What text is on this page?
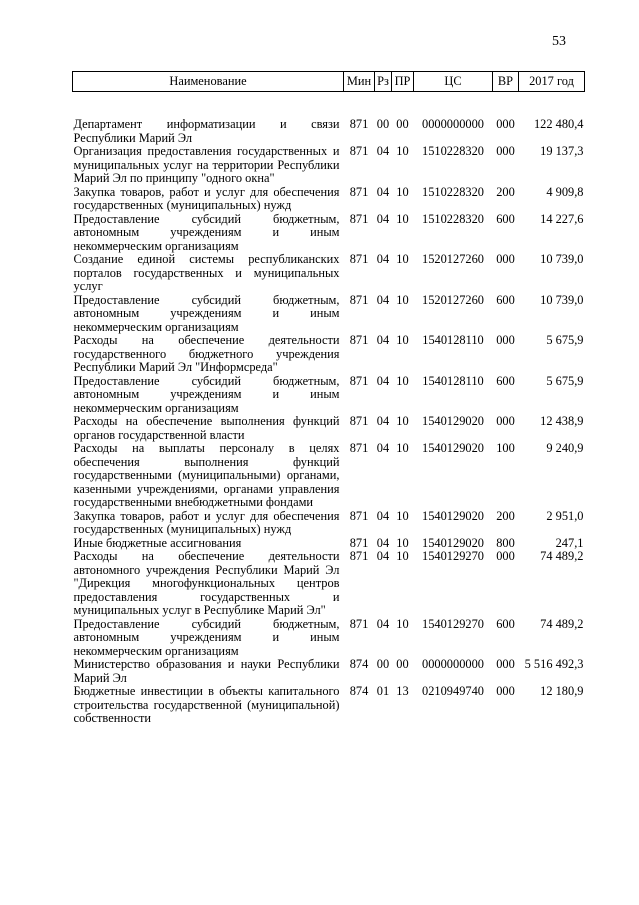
53
Наименование	Мин	Рз	ПР	ЦС	ВР	2017 год
Департамент информатизации и связи Республики Марий Эл	871	00	00	0000000000	000	122 480,4
Организация предоставления государственных и муниципальных услуг на территории Республики Марий Эл по принципу "одного окна"	871	04	10	1510228320	000	19 137,3
Закупка товаров, работ и услуг для обеспечения государственных (муниципальных) нужд	871	04	10	1510228320	200	4 909,8
Предоставление субсидий бюджетным, автономным учреждениям и иным некоммерческим организациям	871	04	10	1510228320	600	14 227,6
Создание единой системы республиканских порталов государственных и муниципальных услуг	871	04	10	1520127260	000	10 739,0
Предоставление субсидий бюджетным, автономным учреждениям и иным некоммерческим организациям	871	04	10	1520127260	600	10 739,0
Расходы на обеспечение деятельности государственного бюджетного учреждения Республики Марий Эл "Информсреда"	871	04	10	1540128110	000	5 675,9
Предоставление субсидий бюджетным, автономным учреждениям и иным некоммерческим организациям	871	04	10	1540128110	600	5 675,9
Расходы на обеспечение выполнения функций органов государственной власти	871	04	10	1540129020	000	12 438,9
Расходы на выплаты персоналу в целях обеспечения выполнения функций государственными (муниципальными) органами, казенными учреждениями, органами управления государственными внебюджетными фондами	871	04	10	1540129020	100	9 240,9
Закупка товаров, работ и услуг для обеспечения государственных (муниципальных) нужд	871	04	10	1540129020	200	2 951,0
Иные бюджетные ассигнования	871	04	10	1540129020	800	247,1
Расходы на обеспечение деятельности автономного учреждения Республики Марий Эл "Дирекция многофункциональных центров предоставления государственных и муниципальных услуг в Республике Марий Эл"	871	04	10	1540129270	000	74 489,2
Предоставление субсидий бюджетным, автономным учреждениям и иным некоммерческим организациям	871	04	10	1540129270	600	74 489,2
Министерство образования и науки Республики Марий Эл	874	00	00	0000000000	000	5 516 492,3
Бюджетные инвестиции в объекты капитального строительства государственной (муниципальной) собственности	874	01	13	0210949740	000	12 180,9
